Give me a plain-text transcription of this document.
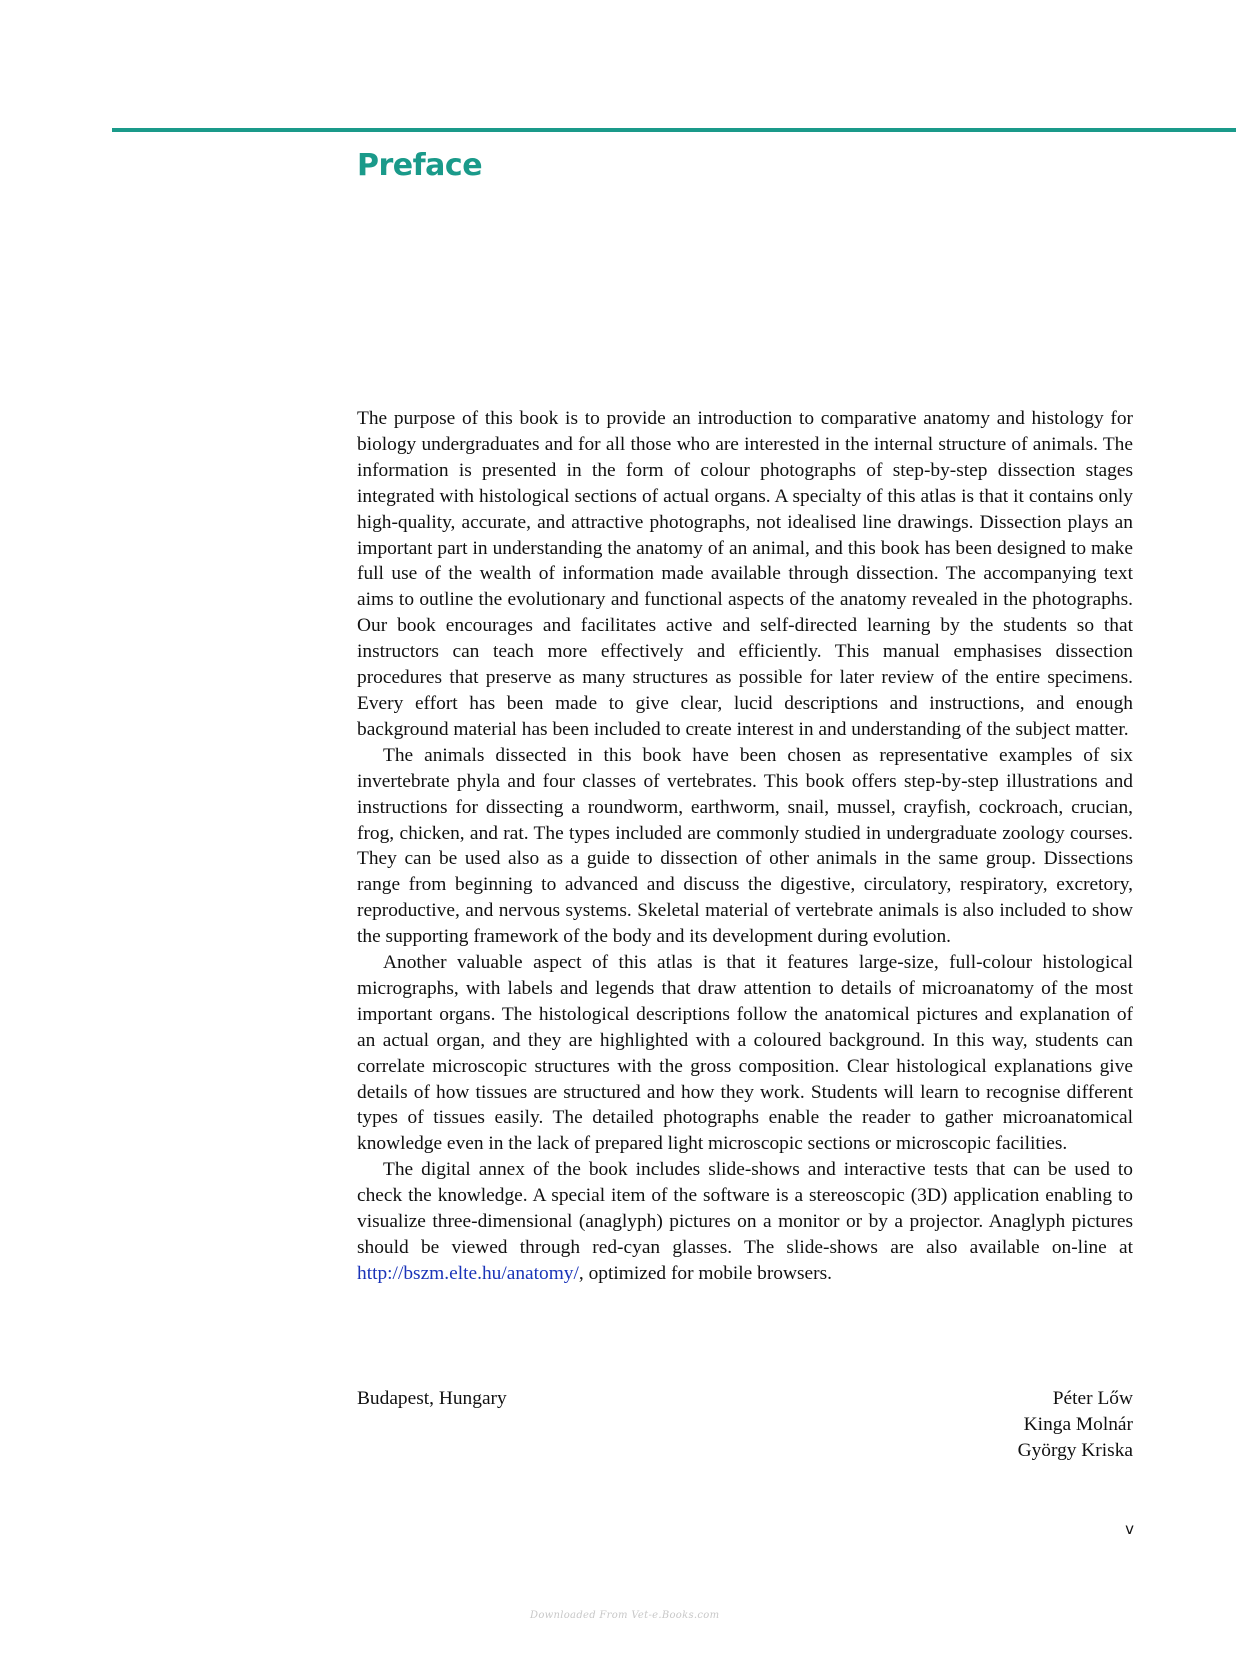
Preface

The purpose of this book is to provide an introduction to comparative anatomy and histology for biology undergraduates and for all those who are interested in the internal structure of animals. The information is presented in the form of colour photographs of step-by-step dissection stages integrated with histological sections of actual organs. A specialty of this atlas is that it contains only high-quality, accurate, and attractive photographs, not idealised line drawings. Dissection plays an important part in understanding the anatomy of an animal, and this book has been designed to make full use of the wealth of information made available through dissection. The accompanying text aims to outline the evolutionary and functional aspects of the anatomy revealed in the photographs. Our book encourages and facilitates active and self-directed learning by the students so that instructors can teach more effectively and efficiently. This manual emphasises dissection procedures that preserve as many structures as possible for later review of the entire specimens. Every effort has been made to give clear, lucid descriptions and instructions, and enough background material has been included to create interest in and understanding of the subject matter.

The animals dissected in this book have been chosen as representative examples of six invertebrate phyla and four classes of vertebrates. This book offers step-by-step illustrations and instructions for dissecting a roundworm, earthworm, snail, mussel, crayfish, cockroach, crucian, frog, chicken, and rat. The types included are commonly studied in undergraduate zoology courses. They can be used also as a guide to dissection of other animals in the same group. Dissections range from beginning to advanced and discuss the digestive, circulatory, respiratory, excretory, reproductive, and nervous systems. Skeletal material of vertebrate animals is also included to show the supporting framework of the body and its development during evolution.

Another valuable aspect of this atlas is that it features large-size, full-colour histological micrographs, with labels and legends that draw attention to details of microanatomy of the most important organs. The histological descriptions follow the anatomical pictures and explanation of an actual organ, and they are highlighted with a coloured background. In this way, students can correlate microscopic structures with the gross composition. Clear histological explanations give details of how tissues are structured and how they work. Students will learn to recognise different types of tissues easily. The detailed photographs enable the reader to gather microanatomical knowledge even in the lack of prepared light microscopic sections or microscopic facilities.

The digital annex of the book includes slide-shows and interactive tests that can be used to check the knowledge. A special item of the software is a stereoscopic (3D) application enabling to visualize three-dimensional (anaglyph) pictures on a monitor or by a projector. Anaglyph pictures should be viewed through red-cyan glasses. The slide-shows are also available on-line at http://bszm.elte.hu/anatomy/, optimized for mobile browsers.

Budapest, Hungary	Péter Lőw
Kinga Molnár
György Kriska
v
Downloaded From Vet-e.Books.com
